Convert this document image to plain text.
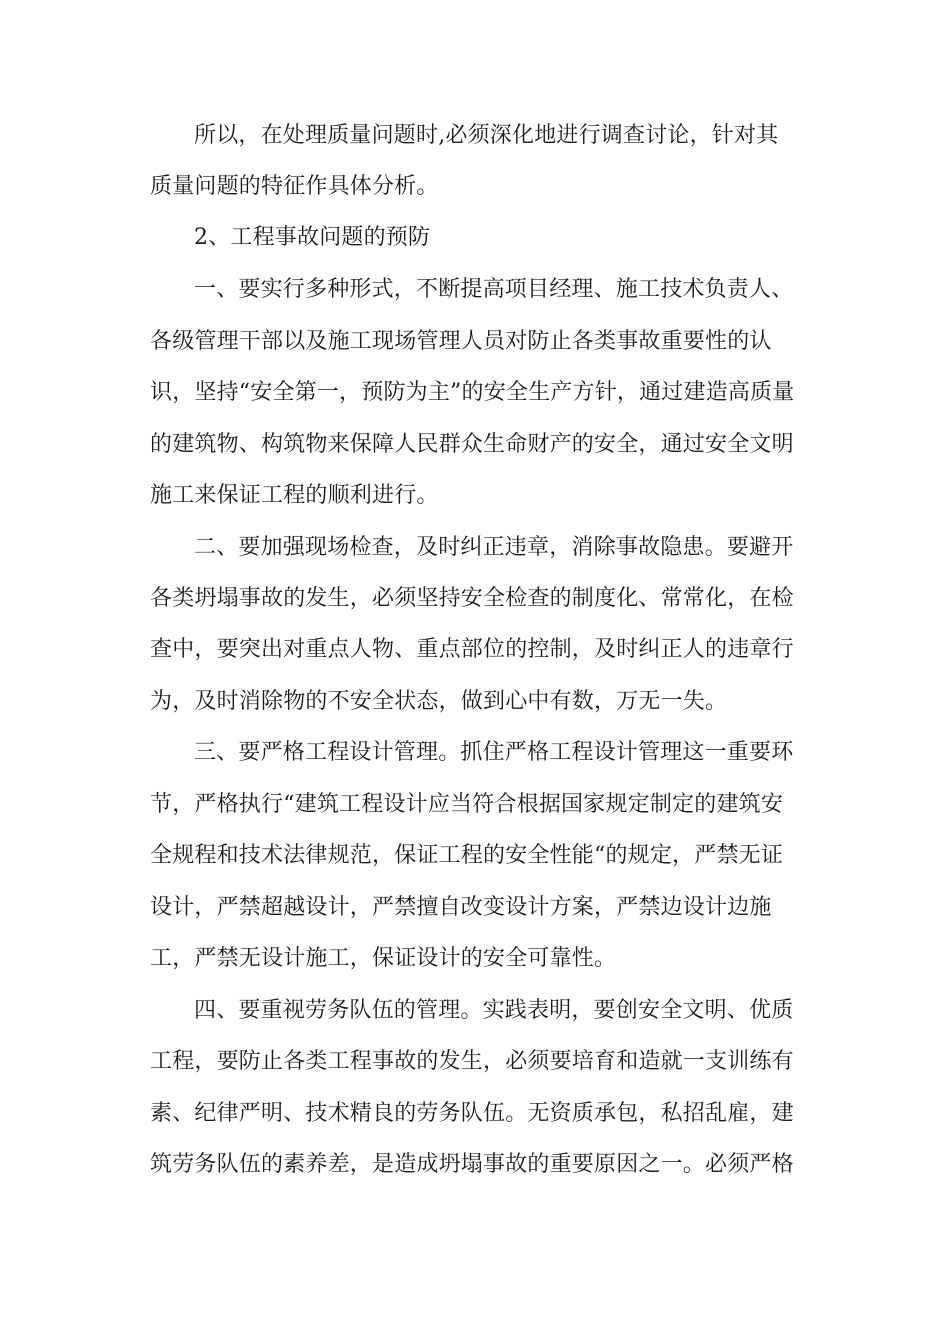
所以，在处理质量问题时,必须深化地进行调查讨论，针对其
质量问题的特征作具体分析。
2、工程事故问题的预防
一、要实行多种形式，不断提高项目经理、施工技术负责人、
各级管理干部以及施工现场管理人员对防止各类事故重要性的认
识，坚持“安全第一，预防为主”的安全生产方针，通过建造高质量
的建筑物、构筑物来保障人民群众生命财产的安全，通过安全文明
施工来保证工程的顺利进行。
二、要加强现场检查，及时纠正违章，消除事故隐患。要避开
各类坍塌事故的发生，必须坚持安全检查的制度化、常常化，在检
查中，要突出对重点人物、重点部位的控制，及时纠正人的违章行
为，及时消除物的不安全状态，做到心中有数，万无一失。
三、要严格工程设计管理。抓住严格工程设计管理这一重要环
节，严格执行“建筑工程设计应当符合根据国家规定制定的建筑安
全规程和技术法律规范，保证工程的安全性能“的规定，严禁无证
设计，严禁超越设计，严禁擅自改变设计方案，严禁边设计边施
工，严禁无设计施工，保证设计的安全可靠性。
四、要重视劳务队伍的管理。实践表明，要创安全文明、优质
工程，要防止各类工程事故的发生，必须要培育和造就一支训练有
素、纪律严明、技术精良的劳务队伍。无资质承包，私招乱雇，建
筑劳务队伍的素养差，是造成坍塌事故的重要原因之一。必须严格
